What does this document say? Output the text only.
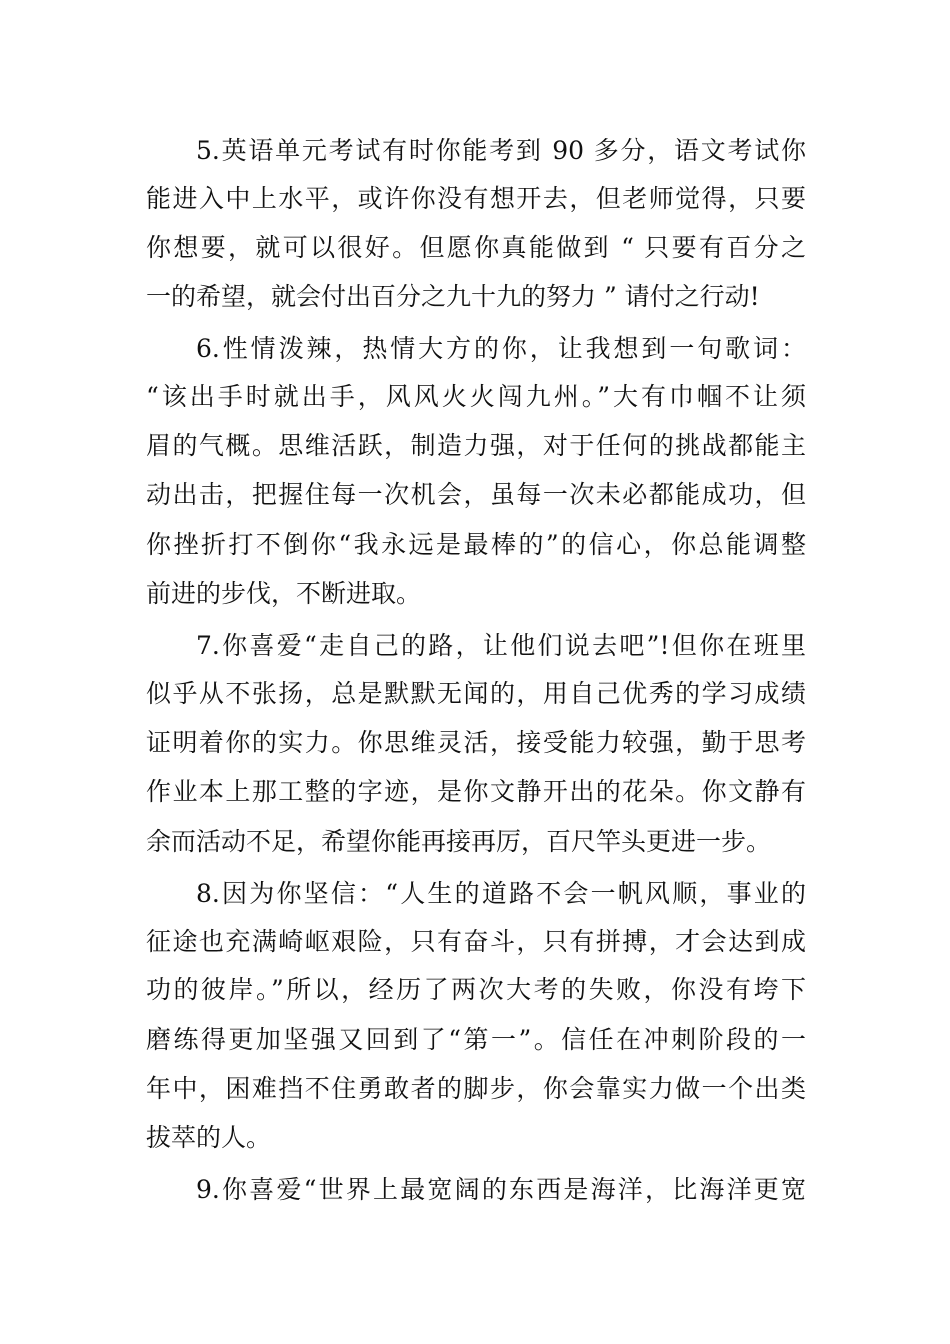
5.英语单元考试有时你能考到 90 多分，语文考试你

能进入中上水平，或许你没有想开去，但老师觉得，只要

你想要，就可以很好。但愿你真能做到 “ 只要有百分之

一的希望，就会付出百分之九十九的努力 ” 请付之行动!

6.性情泼辣，热情大方的你，让我想到一句歌词：

“该出手时就出手，风风火火闯九州。”大有巾帼不让须

眉的气概。思维活跃，制造力强，对于任何的挑战都能主

动出击，把握住每一次机会，虽每一次未必都能成功，但

你挫折打不倒你“我永远是最棒的”的信心，你总能调整

前进的步伐，不断进取。

7.你喜爱“走自己的路，让他们说去吧”!但你在班里

似乎从不张扬，总是默默无闻的，用自己优秀的学习成绩

证明着你的实力。你思维灵活，接受能力较强，勤于思考

作业本上那工整的字迹，是你文静开出的花朵。你文静有

余而活动不足，希望你能再接再厉，百尺竿头更进一步。

8.因为你坚信：“人生的道路不会一帆风顺，事业的

征途也充满崎岖艰险，只有奋斗，只有拼搏，才会达到成

功的彼岸。”所以，经历了两次大考的失败，你没有垮下

磨练得更加坚强又回到了“第一”。信任在冲刺阶段的一

年中，困难挡不住勇敢者的脚步，你会靠实力做一个出类

拔萃的人。

9.你喜爱“世界上最宽阔的东西是海洋，比海洋更宽
